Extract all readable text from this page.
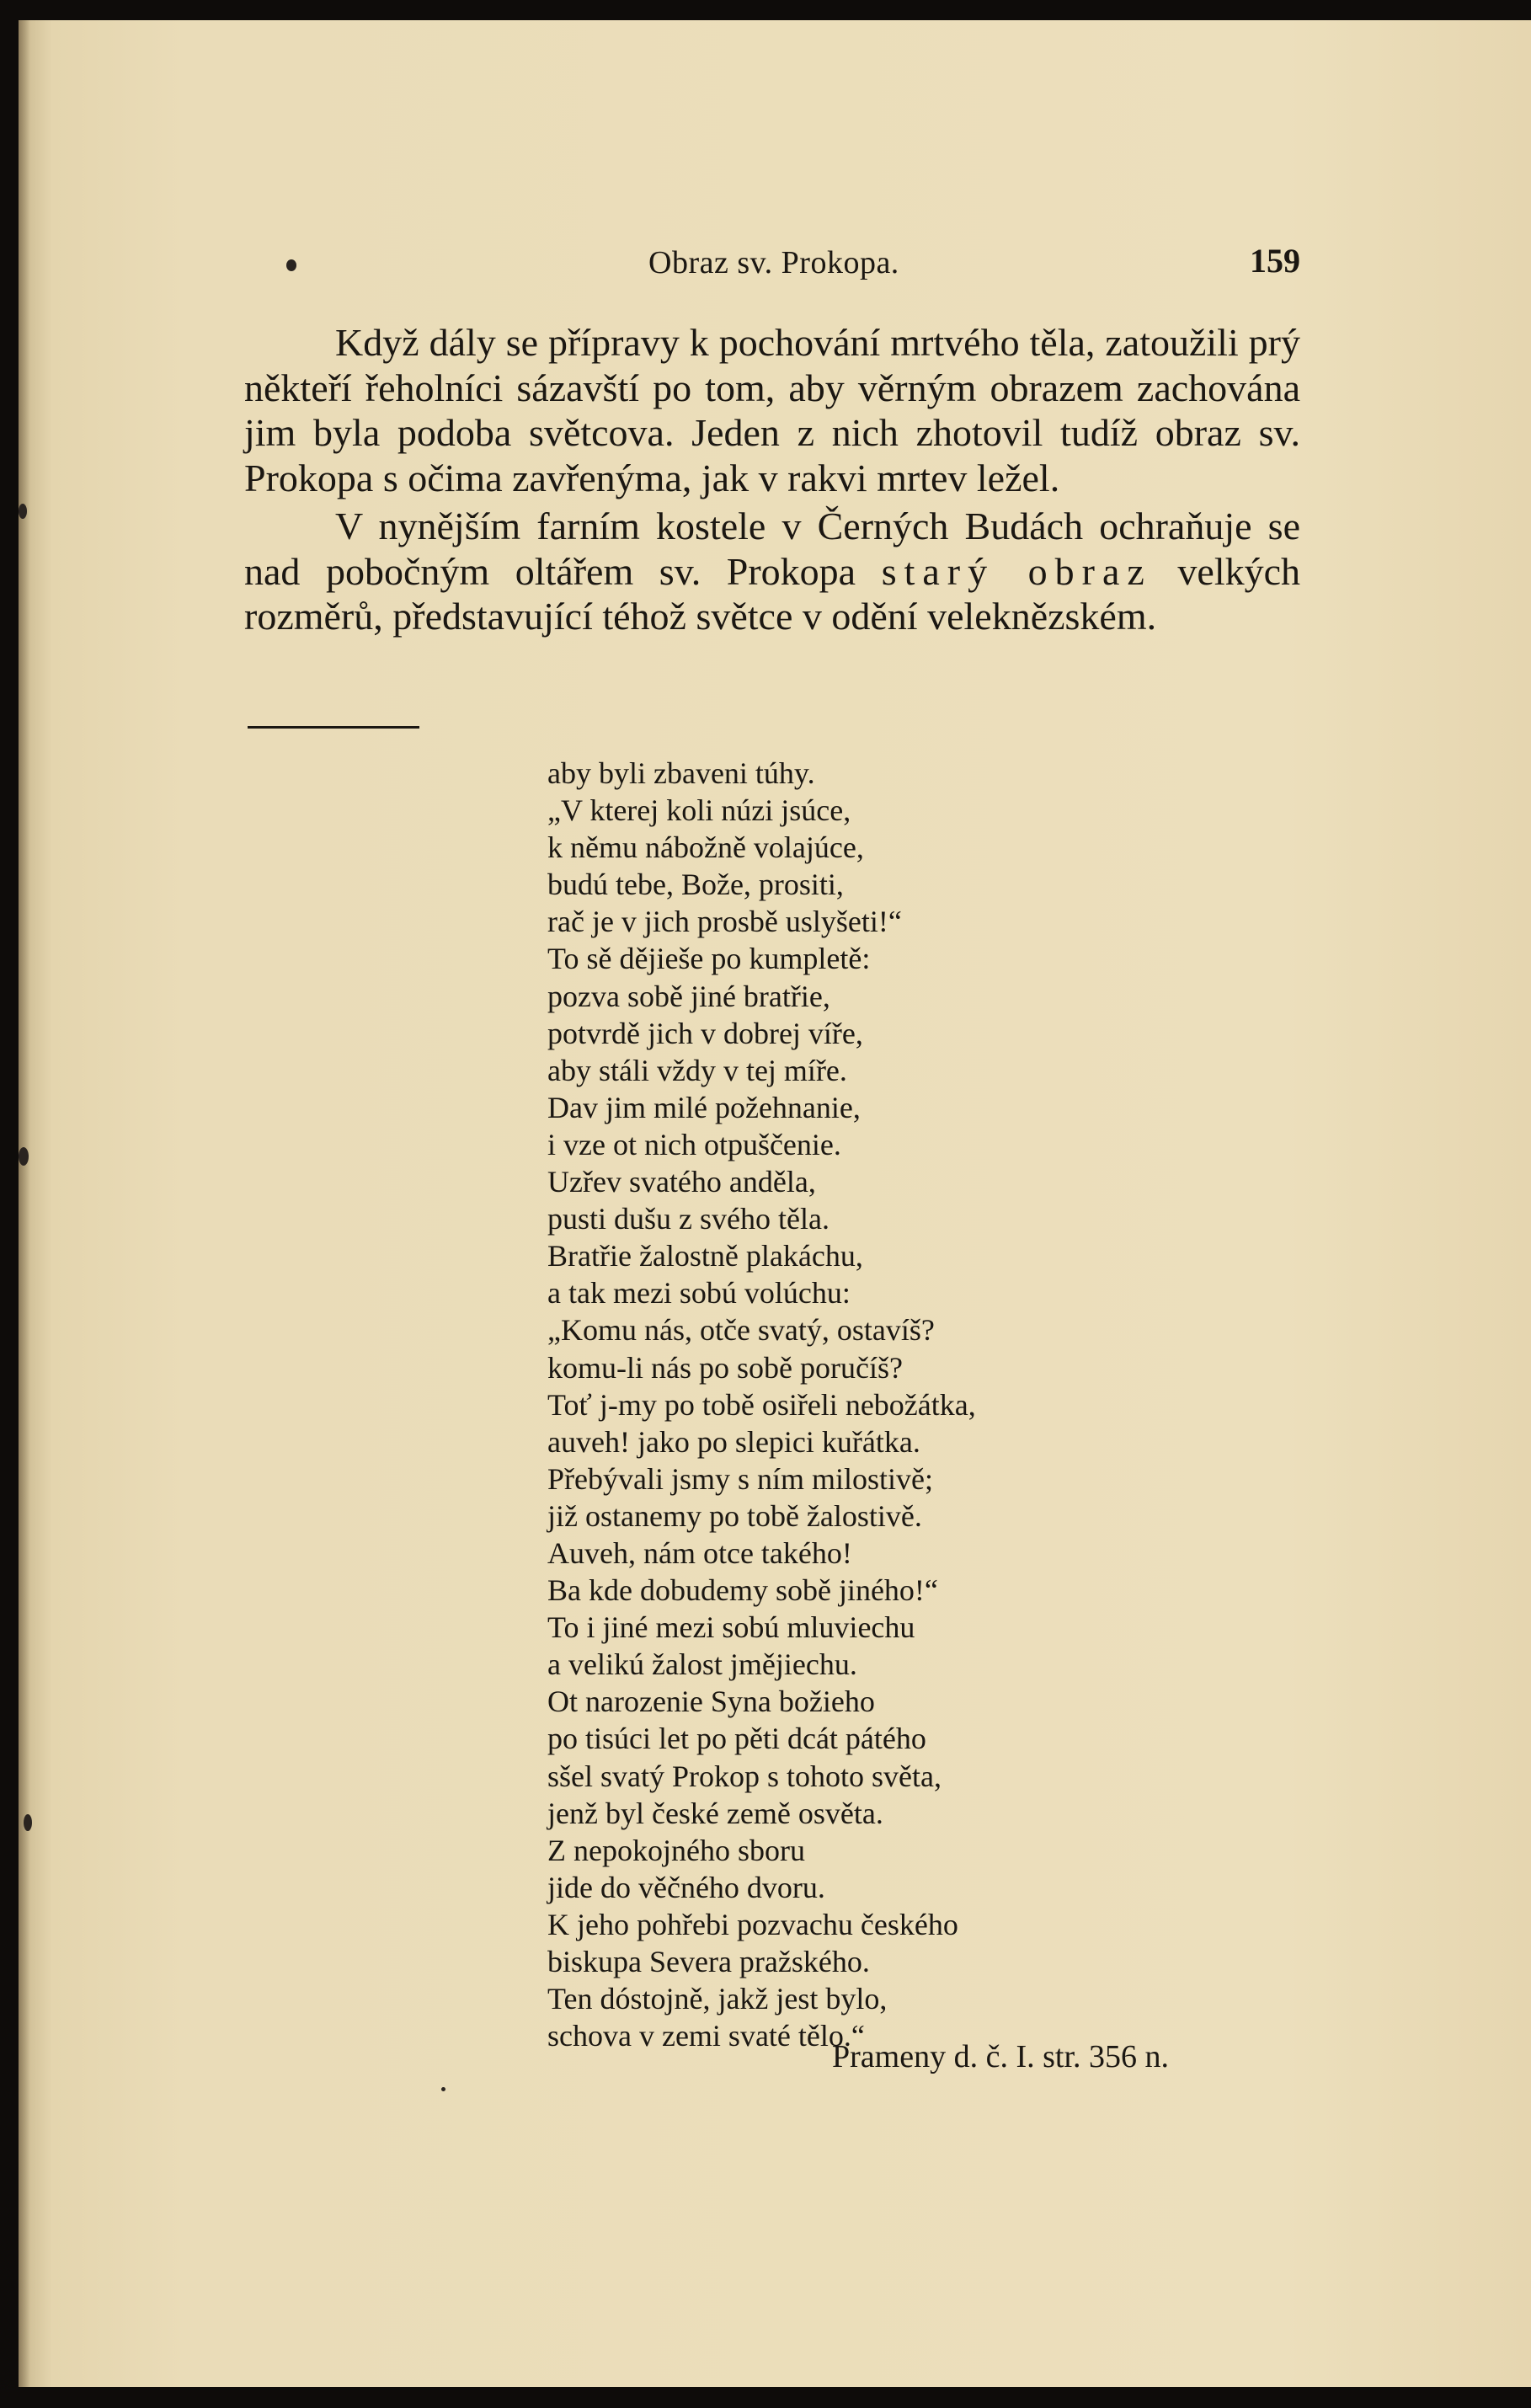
Obraz sv. Prokopa.	159

Když dály se přípravy k pochování mrtvého těla, zatoužili prý někteří řeholníci sázavští po tom, aby věrným obrazem zachována jim byla podoba světcova. Jeden z nich zhotovil tudíž obraz sv. Prokopa s očima zavřenýma, jak v rakvi mrtev ležel.

V nynějším farním kostele v Černých Budách ochraňuje se nad pobočným oltářem sv. Prokopa starý obraz velkých rozměrů, představující téhož světce v odění veleknězském.

aby byli zbaveni túhy.
„V kterej koli núzi jsúce,
k němu nábožně volajúce,
budú tebe, Bože, prositi,
rač je v jich prosbě uslyšeti!“
To sě dějieše po kumpletě:
pozva sobě jiné bratřie,
potvrdě jich v dobrej víře,
aby stáli vždy v tej míře.
Dav jim milé požehnanie,
i vze ot nich otpuščenie.
Uzřev svatého anděla,
pusti dušu z svého těla.
Bratřie žalostně plakáchu,
a tak mezi sobú volúchu:
„Komu nás, otče svatý, ostavíš?
komu-li nás po sobě poručíš?
Toť j-my po tobě osiřeli nebožátka,
auveh! jako po slepici kuřátka.
Přebývali jsmy s ním milostivě;
již ostanemy po tobě žalostivě.
Auveh, nám otce takého!
Ba kde dobudemy sobě jiného!“
To i jiné mezi sobú mluviechu
a velikú žalost jmějiechu.
Ot narozenie Syna božieho
po tisúci let po pěti dcát pátého
sšel svatý Prokop s tohoto světa,
jenž byl české země osvěta.
Z nepokojného sboru
jide do věčného dvoru.
K jeho pohřebi pozvachu českého
biskupa Severa pražského.
Ten dóstojně, jakž jest bylo,
schova v zemi svaté tělo.“
Prameny d. č. I. str. 356 n.
